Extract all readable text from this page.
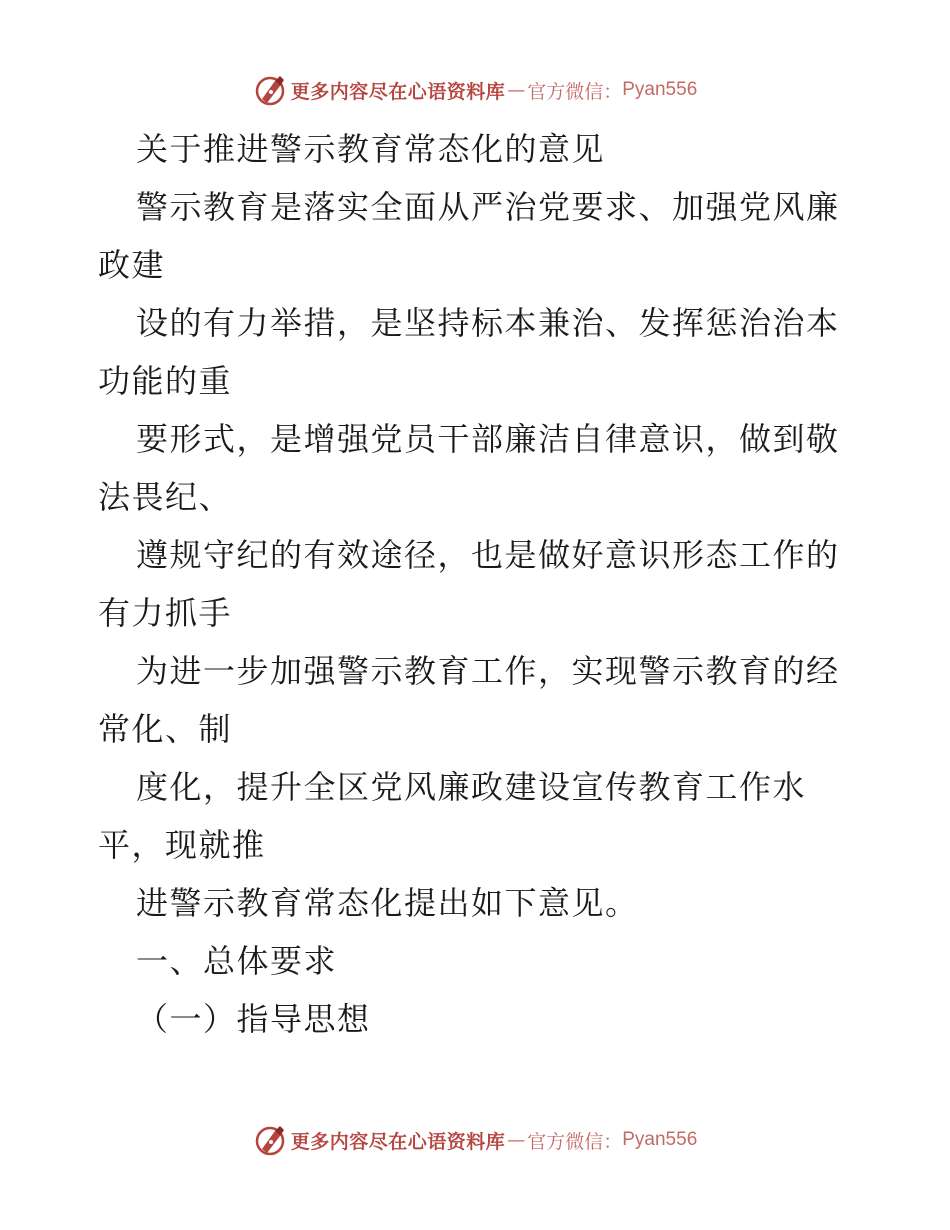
更多内容尽在心语资料库 — 官方微信： Pyan556

关于推进警示教育常态化的意见

警示教育是落实全面从严治党要求、加强党风廉

政建

设的有力举措，是坚持标本兼治、发挥惩治治本

功能的重

要形式，是增强党员干部廉洁自律意识，做到敬

法畏纪、

遵规守纪的有效途径，也是做好意识形态工作的

有力抓手

为进一步加强警示教育工作，实现警示教育的经

常化、制

度化，提升全区党风廉政建设宣传教育工作水

平，现就推

进警示教育常态化提出如下意见。

一、总体要求

（一）指导思想

更多内容尽在心语资料库 — 官方微信： Pyan556
